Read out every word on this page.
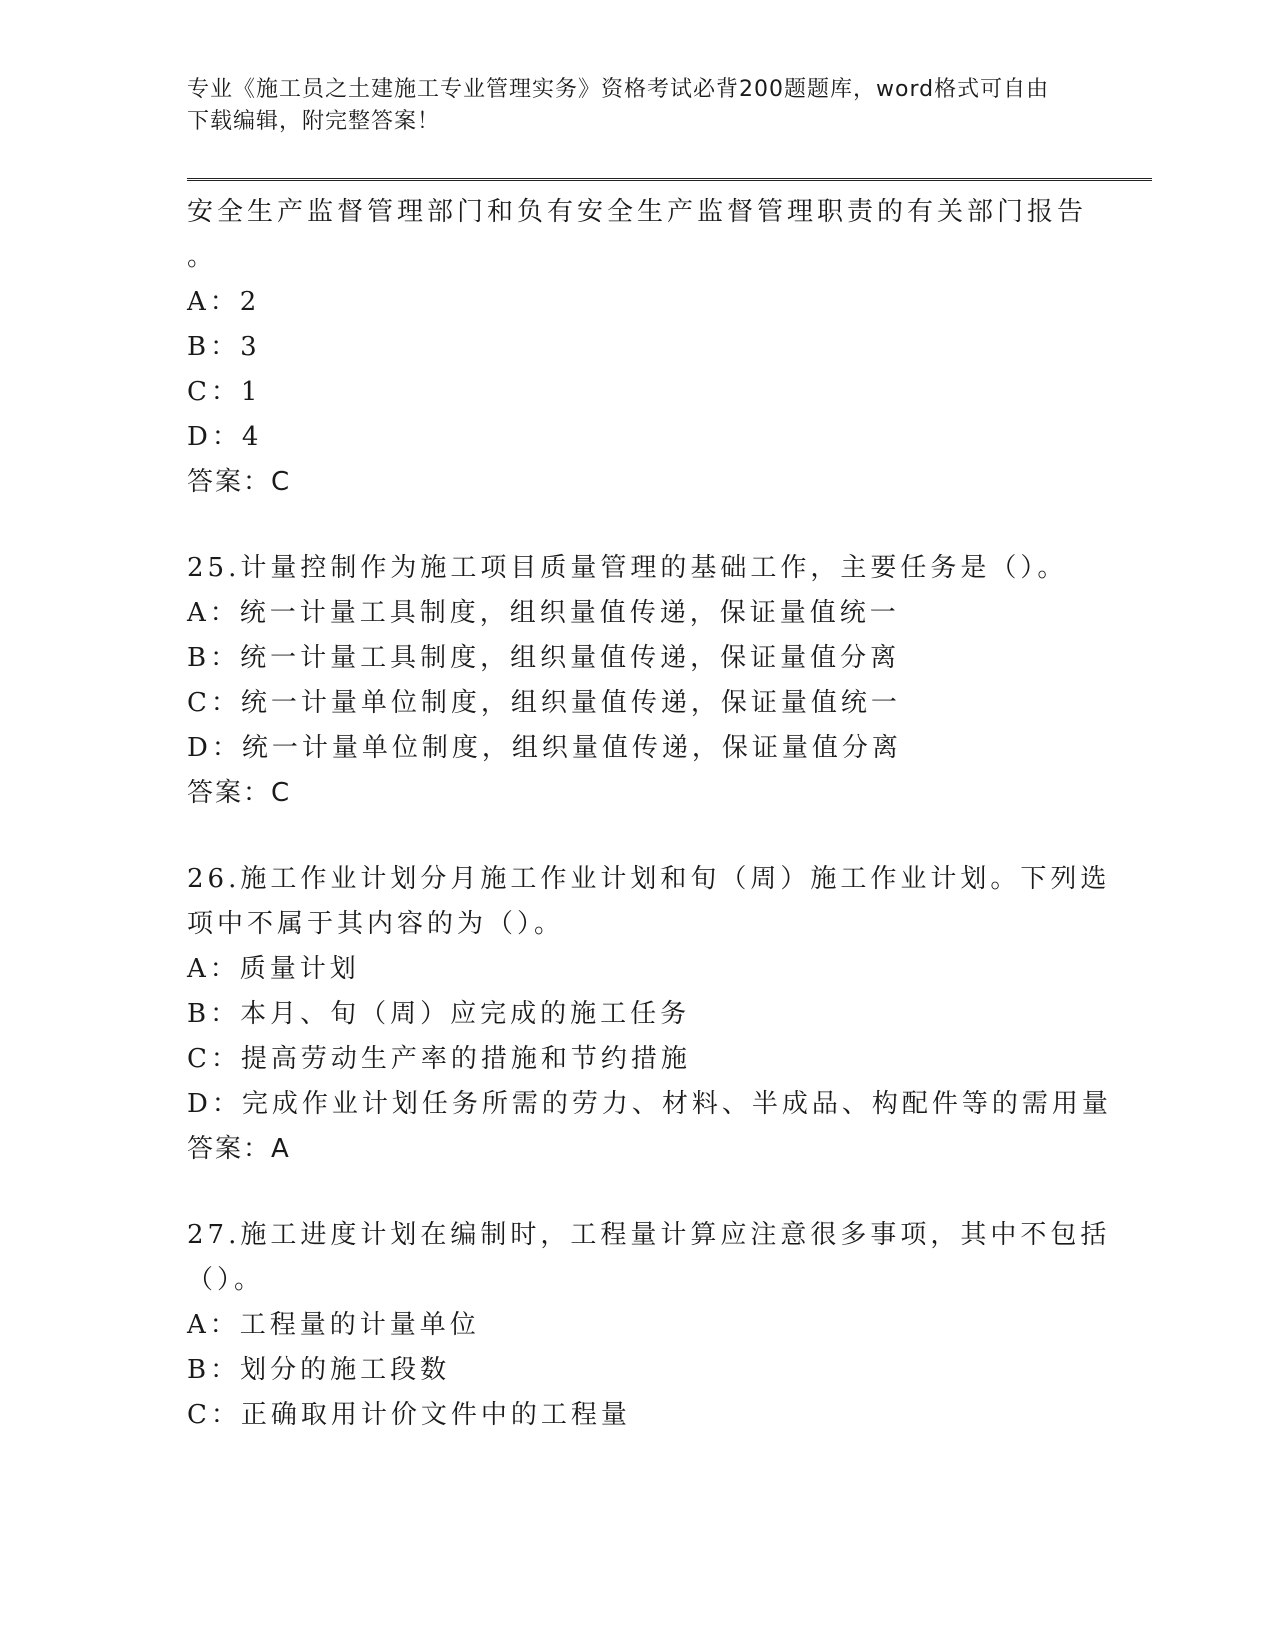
专业《施工员之土建施工专业管理实务》资格考试必背200题题库，word格式可自由下载编辑，附完整答案！
安全生产监督管理部门和负有安全生产监督管理职责的有关部门报告
。
A：2
B：3
C：1
D：4
答案：C
25.计量控制作为施工项目质量管理的基础工作，主要任务是（）。
A：统一计量工具制度，组织量值传递，保证量值统一
B：统一计量工具制度，组织量值传递，保证量值分离
C：统一计量单位制度，组织量值传递，保证量值统一
D：统一计量单位制度，组织量值传递，保证量值分离
答案：C
26.施工作业计划分月施工作业计划和旬（周）施工作业计划。下列选
项中不属于其内容的为（）。
A：质量计划
B：本月、旬（周）应完成的施工任务
C：提高劳动生产率的措施和节约措施
D：完成作业计划任务所需的劳力、材料、半成品、构配件等的需用量
答案：A
27.施工进度计划在编制时，工程量计算应注意很多事项，其中不包括
（）。
A：工程量的计量单位
B：划分的施工段数
C：正确取用计价文件中的工程量
